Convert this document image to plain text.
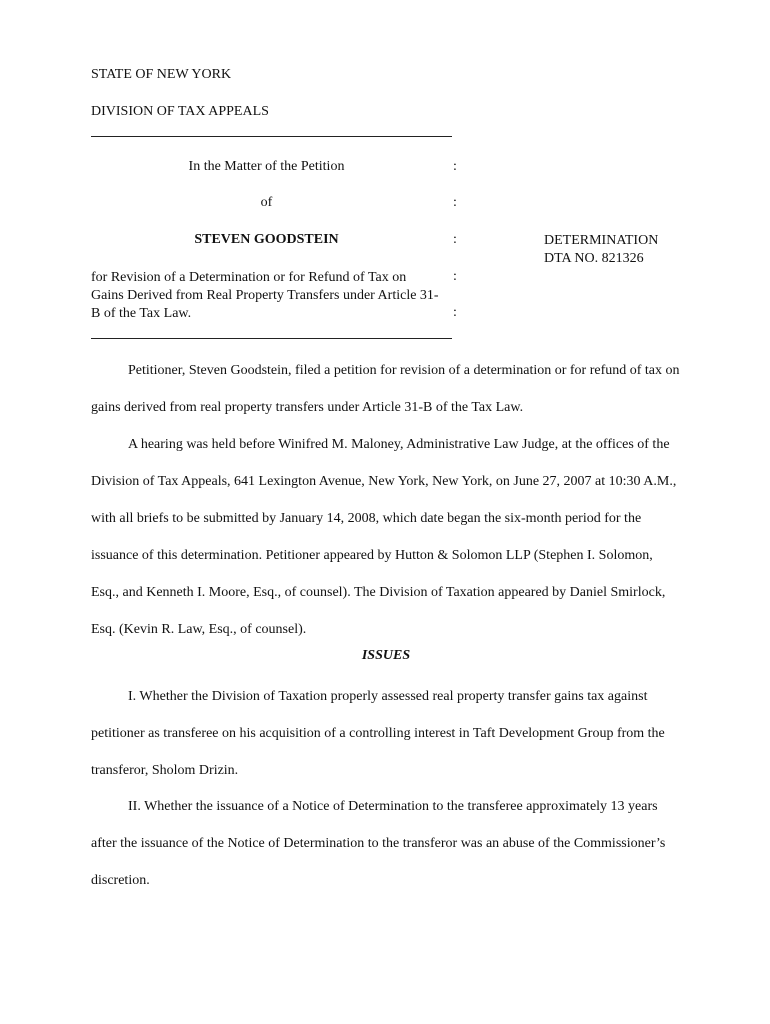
STATE OF NEW YORK
DIVISION OF TAX APPEALS
In the Matter of the Petition
of
STEVEN GOODSTEIN
for Revision of a Determination or for Refund of Tax on Gains Derived from Real Property Transfers under Article 31-B of the Tax Law.
:
:
:
:
:
DETERMINATION
DTA NO. 821326
Petitioner, Steven Goodstein, filed a petition for revision of a determination or for refund of tax on gains derived from real property transfers under Article 31-B of the Tax Law.
A hearing was held before Winifred M. Maloney, Administrative Law Judge, at the offices of the Division of Tax Appeals, 641 Lexington Avenue, New York, New York, on June 27, 2007 at 10:30 A.M., with all briefs to be submitted by January 14, 2008, which date began the six-month period for the issuance of this determination. Petitioner appeared by Hutton & Solomon LLP (Stephen I. Solomon, Esq., and Kenneth I. Moore, Esq., of counsel). The Division of Taxation appeared by Daniel Smirlock, Esq. (Kevin R. Law, Esq., of counsel).
ISSUES
I. Whether the Division of Taxation properly assessed real property transfer gains tax against petitioner as transferee on his acquisition of a controlling interest in Taft Development Group from the transferor, Sholom Drizin.
II. Whether the issuance of a Notice of Determination to the transferee approximately 13 years after the issuance of the Notice of Determination to the transferor was an abuse of the Commissioner’s discretion.
